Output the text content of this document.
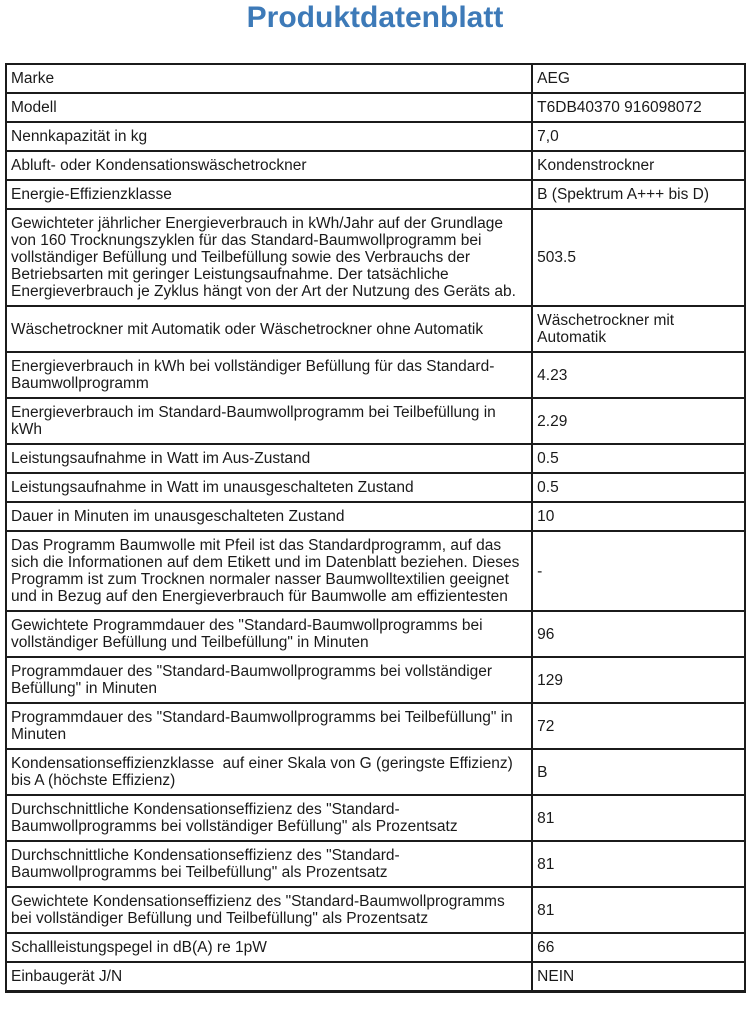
Produktdatenblatt
Marke	AEG
Modell	T6DB40370 916098072
Nennkapazität in kg	7,0
Abluft- oder Kondensationswäschetrockner	Kondenstrockner
Energie-Effizienzklasse	B (Spektrum A+++ bis D)
Gewichteter jährlicher Energieverbrauch in kWh/Jahr auf der Grundlage von 160 Trocknungszyklen für das Standard-Baumwollprogramm bei vollständiger Befüllung und Teilbefüllung sowie des Verbrauchs der Betriebsarten mit geringer Leistungsaufnahme. Der tatsächliche Energieverbrauch je Zyklus hängt von der Art der Nutzung des Geräts ab.	503.5
Wäschetrockner mit Automatik oder Wäschetrockner ohne Automatik	Wäschetrockner mit Automatik
Energieverbrauch in kWh bei vollständiger Befüllung für das Standard-Baumwollprogramm	4.23
Energieverbrauch im Standard-Baumwollprogramm bei Teilbefüllung in kWh	2.29
Leistungsaufnahme in Watt im Aus-Zustand	0.5
Leistungsaufnahme in Watt im unausgeschalteten Zustand	0.5
Dauer in Minuten im unausgeschalteten Zustand	10
Das Programm Baumwolle mit Pfeil ist das Standardprogramm, auf das sich die Informationen auf dem Etikett und im Datenblatt beziehen. Dieses Programm ist zum Trocknen normaler nasser Baumwolltextilien geeignet und in Bezug auf den Energieverbrauch für Baumwolle am effizientesten	-
Gewichtete Programmdauer des "Standard-Baumwollprogramms bei vollständiger Befüllung und Teilbefüllung" in Minuten	96
Programmdauer des "Standard-Baumwollprogramms bei vollständiger Befüllung" in Minuten	129
Programmdauer des "Standard-Baumwollprogramms bei Teilbefüllung" in Minuten	72
Kondensationseffizienzklasse  auf einer Skala von G (geringste Effizienz) bis A (höchste Effizienz)	B
Durchschnittliche Kondensationseffizienz des "Standard-Baumwollprogramms bei vollständiger Befüllung" als Prozentsatz	81
Durchschnittliche Kondensationseffizienz des "Standard-Baumwollprogramms bei Teilbefüllung" als Prozentsatz	81
Gewichtete Kondensationseffizienz des "Standard-Baumwollprogramms bei vollständiger Befüllung und Teilbefüllung" als Prozentsatz	81
Schallleistungspegel in dB(A) re 1pW	66
Einbaugerät J/N	NEIN
